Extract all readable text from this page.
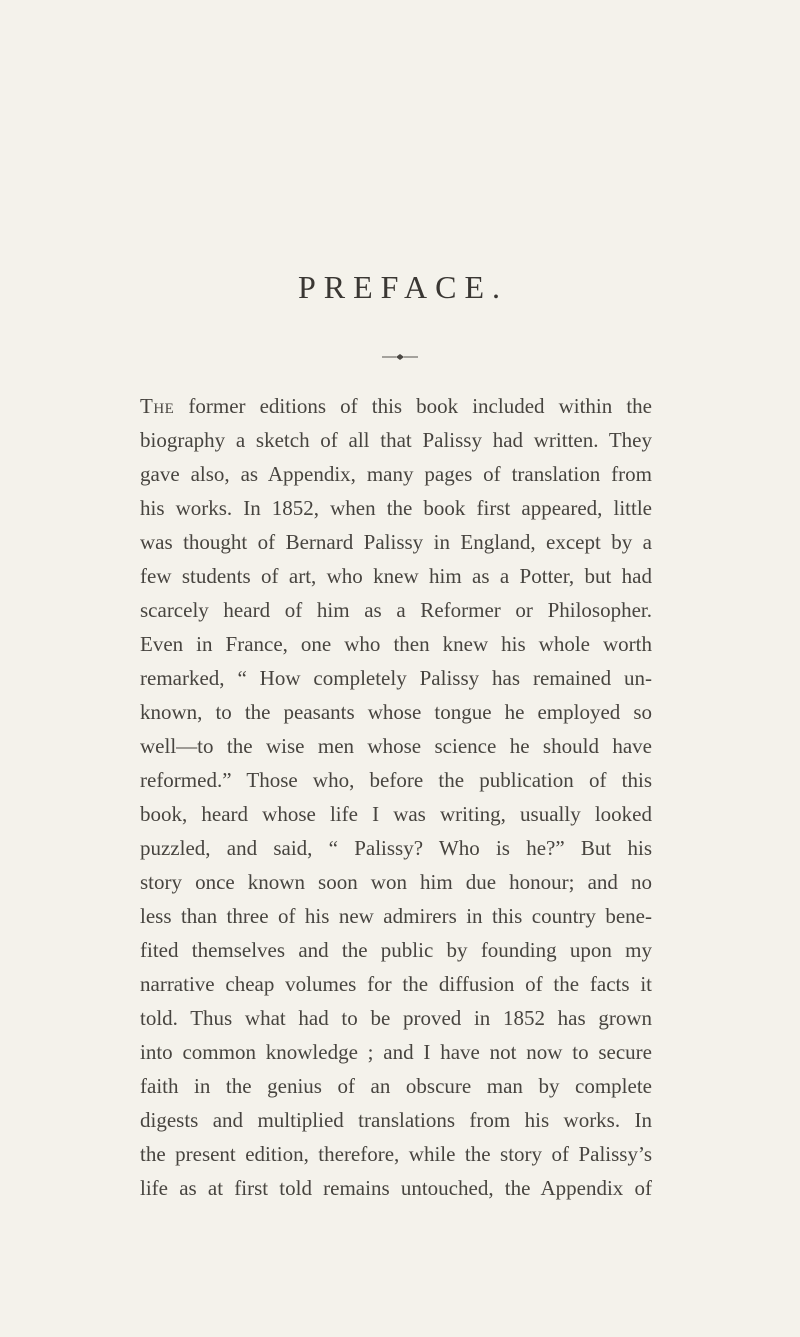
PREFACE.
The former editions of this book included within the
biography a sketch of all that Palissy had written. They
gave also, as Appendix, many pages of translation from
his works. In 1852, when the book first appeared, little
was thought of Bernard Palissy in England, except by a
few students of art, who knew him as a Potter, but had
scarcely heard of him as a Reformer or Philosopher.
Even in France, one who then knew his whole worth
remarked, “ How completely Palissy has remained un-
known, to the peasants whose tongue he employed so
well—to the wise men whose science he should have
reformed.” Those who, before the publication of this
book, heard whose life I was writing, usually looked
puzzled, and said, “ Palissy? Who is he?” But his
story once known soon won him due honour; and no
less than three of his new admirers in this country bene-
fited themselves and the public by founding upon my
narrative cheap volumes for the diffusion of the facts it
told. Thus what had to be proved in 1852 has grown
into common knowledge ; and I have not now to secure
faith in the genius of an obscure man by complete
digests and multiplied translations from his works. In
the present edition, therefore, while the story of Palissy’s
life as at first told remains untouched, the Appendix of
